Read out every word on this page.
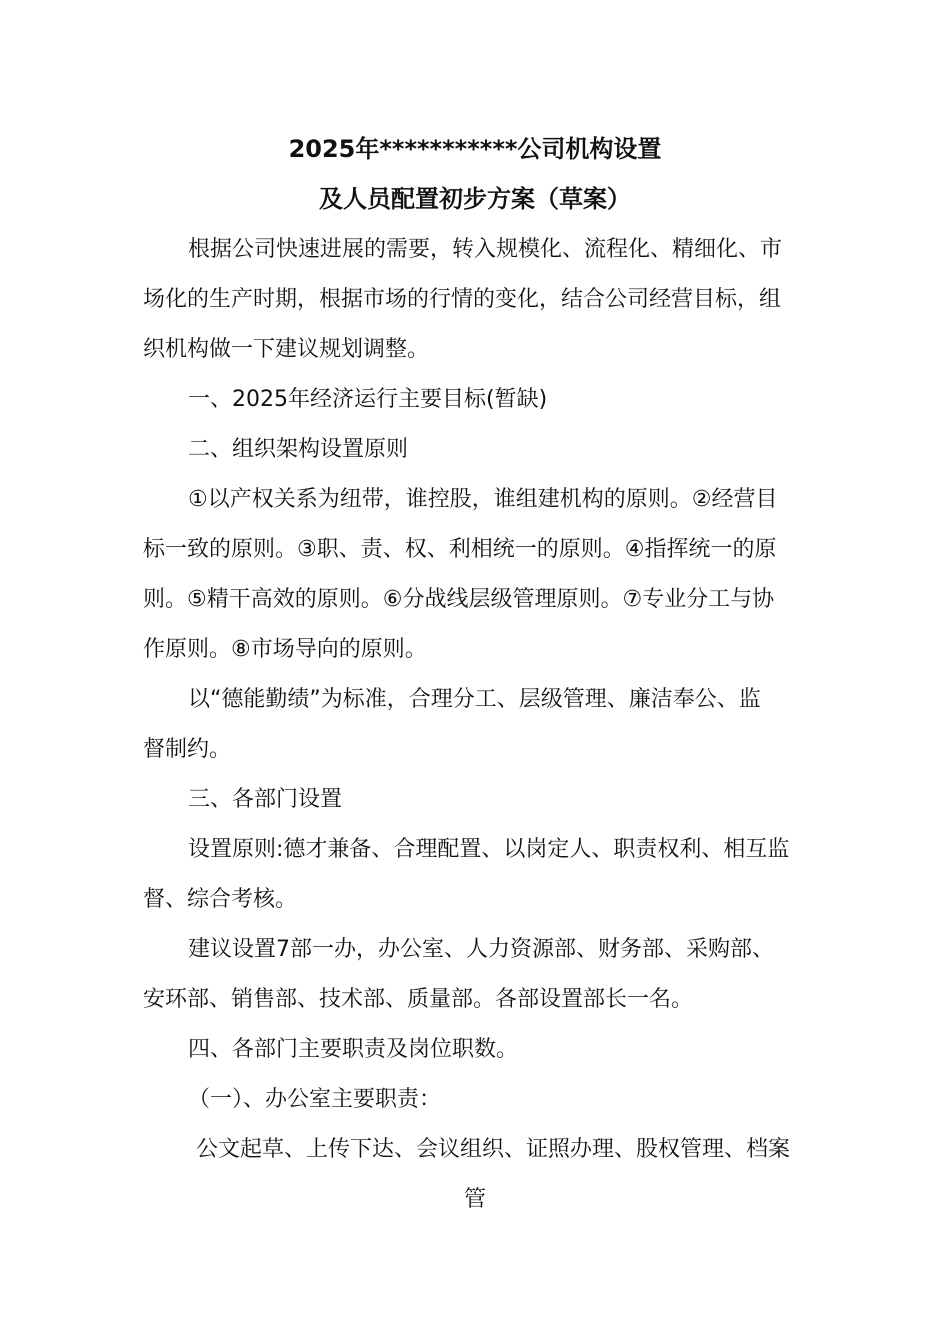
2025年***********公司机构设置
及人员配置初步方案（草案）
根据公司快速进展的需要，转入规模化、流程化、精细化、市
场化的生产时期，根据市场的行情的变化，结合公司经营目标，组
织机构做一下建议规划调整。
一、2025年经济运行主要目标(暂缺)
二、组织架构设置原则
①以产权关系为纽带，谁控股，谁组建机构的原则。②经营目
标一致的原则。③职、责、权、利相统一的原则。④指挥统一的原
则。⑤精干高效的原则。⑥分战线层级管理原则。⑦专业分工与协
作原则。⑧市场导向的原则。
以“德能勤绩”为标准，合理分工、层级管理、廉洁奉公、监
督制约。
三、各部门设置
设置原则:德才兼备、合理配置、以岗定人、职责权利、相互监
督、综合考核。
建议设置7部一办，办公室、人力资源部、财务部、采购部、
安环部、销售部、技术部、质量部。各部设置部长一名。
四、各部门主要职责及岗位职数。
（一）、办公室主要职责：
公文起草、上传下达、会议组织、证照办理、股权管理、档案
管
